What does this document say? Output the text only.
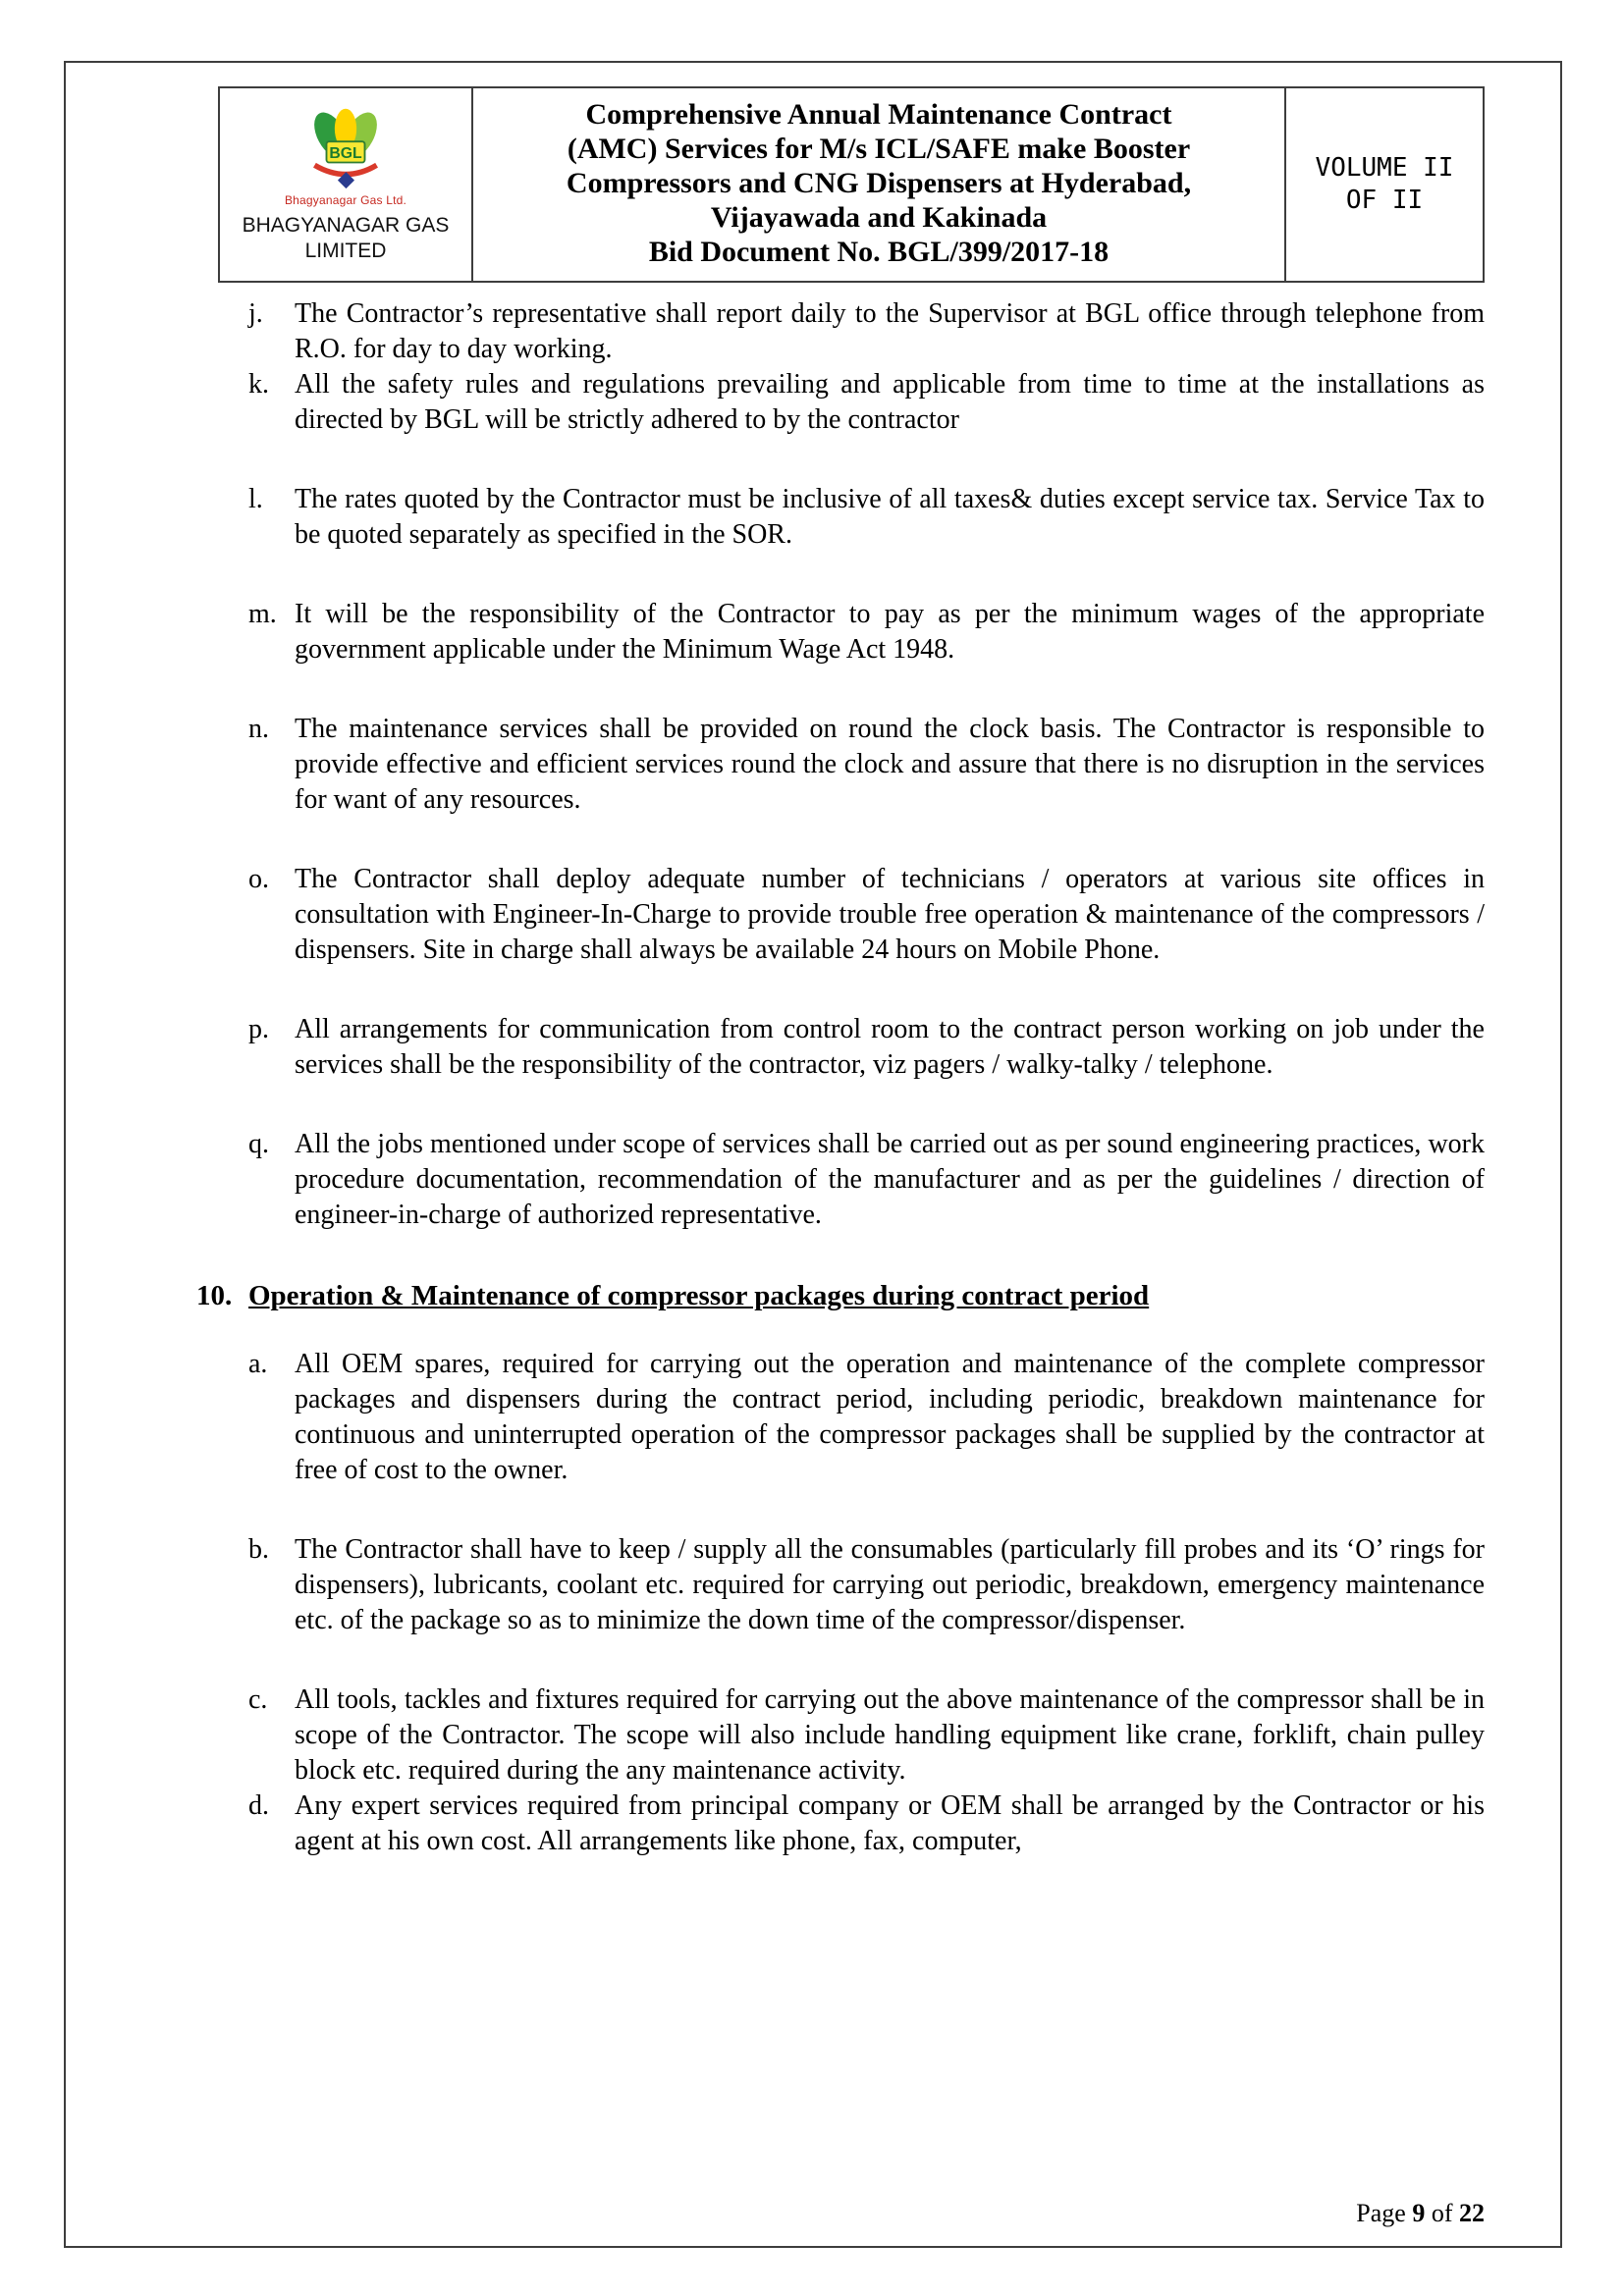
BGL
Bhagyanagar Gas Ltd.
BHAGYANAGAR GAS
LIMITED
Comprehensive Annual Maintenance Contract
(AMC) Services for M/s ICL/SAFE make Booster
Compressors and CNG Dispensers at Hyderabad,
Vijayawada and Kakinada
Bid Document No. BGL/399/2017-18
VOLUME II
OF II
j.	The Contractor’s representative shall report daily to the Supervisor at BGL office through telephone from R.O. for day to day working.
k. All the safety rules and regulations prevailing and applicable from time to time at the installations as directed by BGL will be strictly adhered to by the contractor
l.	The rates quoted by the Contractor must be inclusive of all taxes& duties except service tax. Service Tax to be quoted separately as specified in the SOR.
m. It will be the responsibility of the Contractor to pay as per the minimum wages of the appropriate government applicable under the Minimum Wage Act 1948.
n. The maintenance services shall be provided on round the clock basis. The Contractor is responsible to provide effective and efficient services round the clock and assure that there is no disruption in the services for want of any resources.
o. The Contractor shall deploy adequate number of technicians / operators at various site offices in consultation with Engineer-In-Charge to provide trouble free operation & maintenance of the compressors / dispensers. Site in charge shall always be available 24 hours on Mobile Phone.
p. All arrangements for communication from control room to the contract person working on job under the services shall be the responsibility of the contractor, viz pagers / walky-talky / telephone.
q. All the jobs mentioned under scope of services shall be carried out as per sound engineering practices, work procedure documentation, recommendation of the manufacturer and as per the guidelines / direction of engineer-in-charge of authorized representative.
10. Operation & Maintenance of compressor packages during contract period
a. All OEM spares, required for carrying out the operation and maintenance of the complete compressor packages and dispensers during the contract period, including periodic, breakdown maintenance for continuous and uninterrupted operation of the compressor packages shall be supplied by the contractor at free of cost to the owner.
b. The Contractor shall have to keep / supply all the consumables (particularly fill probes and its ‘O’ rings for dispensers), lubricants, coolant etc. required for carrying out periodic, breakdown, emergency maintenance etc. of the package so as to minimize the down time of the compressor/dispenser.
c. All tools, tackles and fixtures required for carrying out the above maintenance of the compressor shall be in scope of the Contractor. The scope will also include handling equipment like crane, forklift, chain pulley block etc. required during the any maintenance activity.
d. Any expert services required from principal company or OEM shall be arranged by the Contractor or his agent at his own cost. All arrangements like phone, fax, computer,
Page 9 of 22
